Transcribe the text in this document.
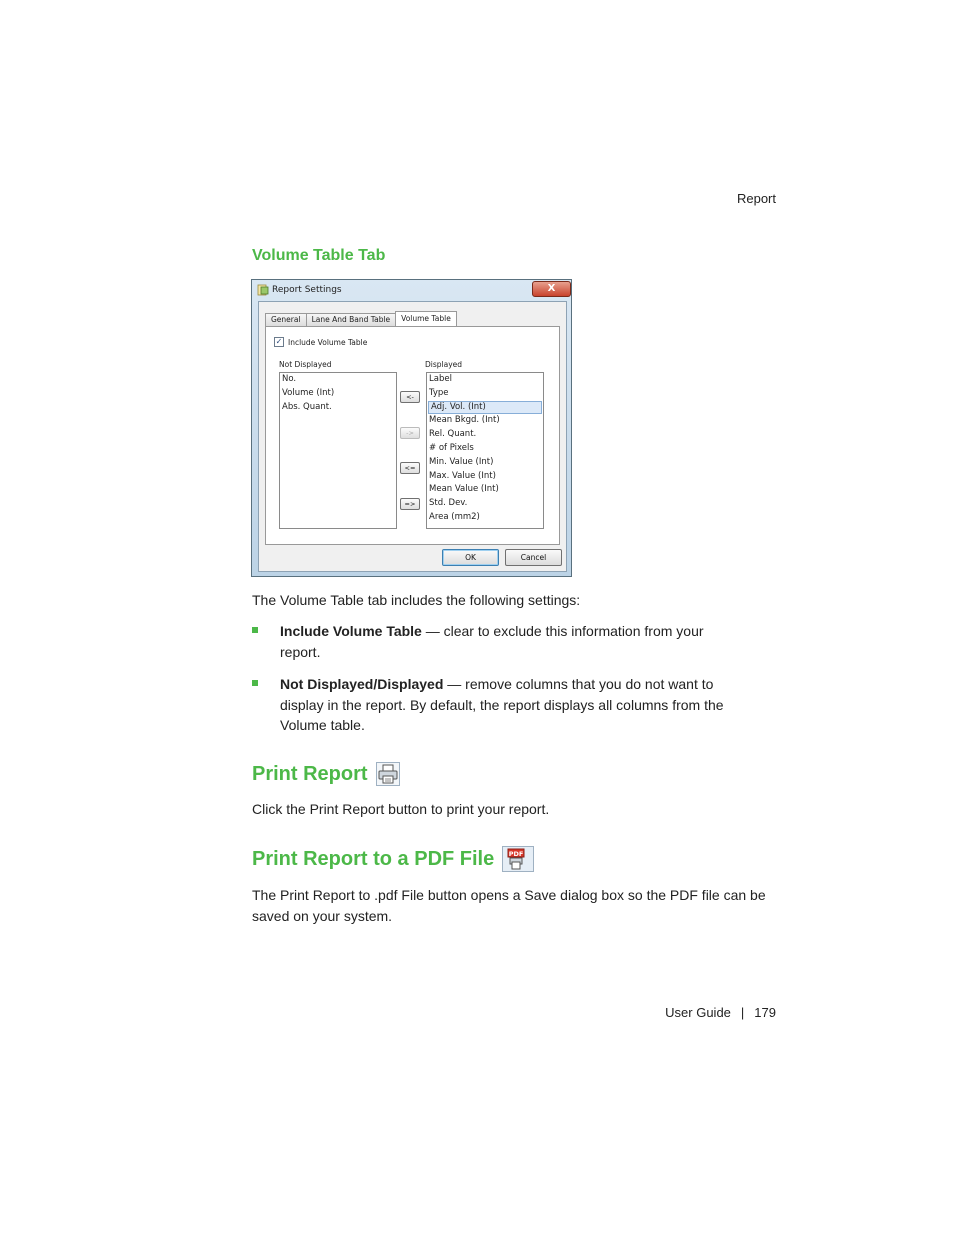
Report
Volume Table Tab
Report Settings	X
General	Lane And Band Table	Volume Table
✓ Include Volume Table
Not Displayed	Displayed
No.
Volume (Int)
Abs. Quant.
<-
->
<=
=>
Label
Type
Adj. Vol. (Int)
Mean Bkgd. (Int)
Rel. Quant.
# of Pixels
Min. Value (Int)
Max. Value (Int)
Mean Value (Int)
Std. Dev.
Area (mm2)
OK	Cancel
The Volume Table tab includes the following settings:
Include Volume Table — clear to exclude this information from your report.
Not Displayed/Displayed — remove columns that you do not want to display in the report. By default, the report displays all columns from the Volume table.
Print Report
Click the Print Report button to print your report.
Print Report to a PDF File PDF
The Print Report to .pdf File button opens a Save dialog box so the PDF file can be saved on your system.
User Guide | 179
